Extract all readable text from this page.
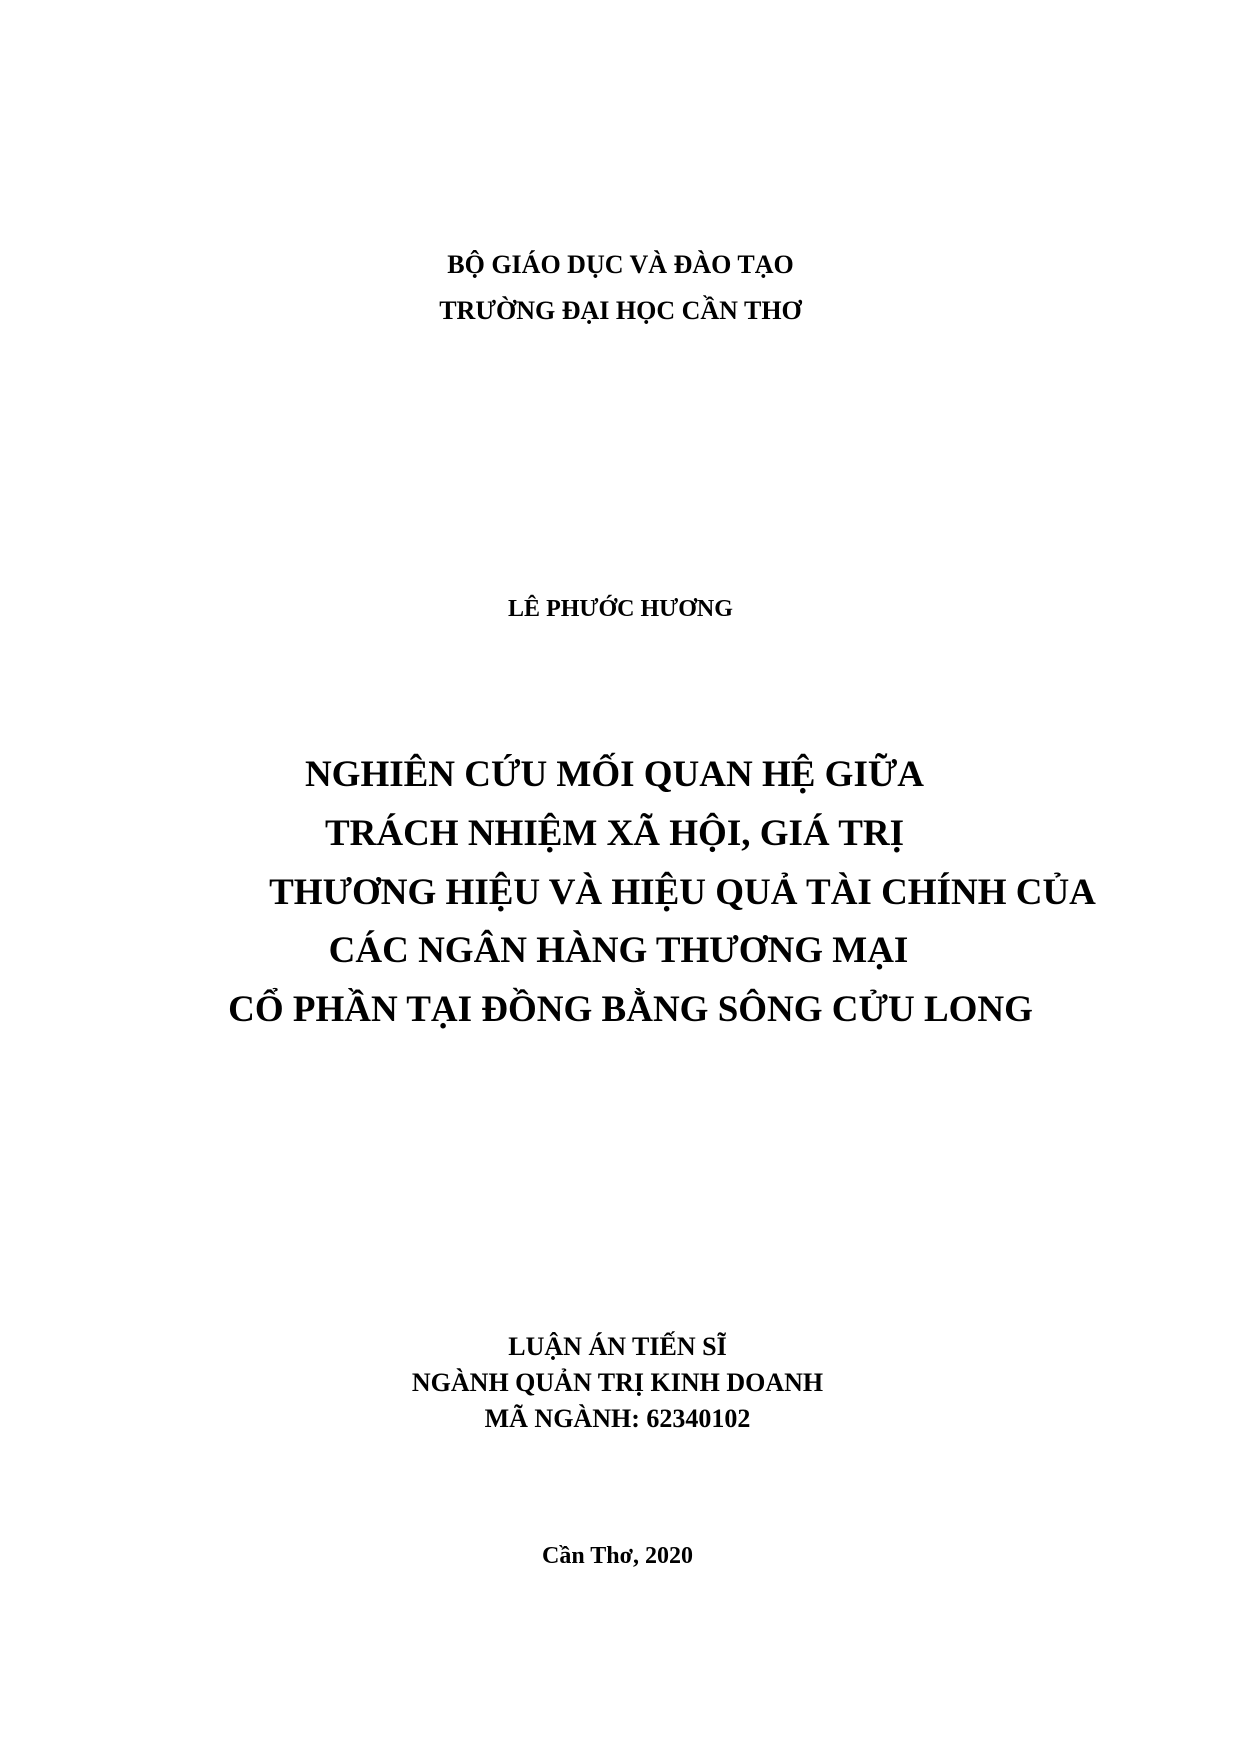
BỘ GIÁO DỤC VÀ ĐÀO TẠO
TRƯỜNG ĐẠI HỌC CẦN THƠ
LÊ PHƯỚC HƯƠNG
NGHIÊN CỨU MỐI QUAN HỆ GIỮA
TRÁCH NHIỆM XÃ HỘI, GIÁ TRỊ
THƯƠNG HIỆU VÀ HIỆU QUẢ TÀI CHÍNH CỦA
CÁC NGÂN HÀNG THƯƠNG MẠI
CỔ PHẦN TẠI ĐỒNG BẰNG SÔNG CỬU LONG
LUẬN ÁN TIẾN SĨ
NGÀNH QUẢN TRỊ KINH DOANH
MÃ NGÀNH: 62340102
Cần Thơ, 2020
